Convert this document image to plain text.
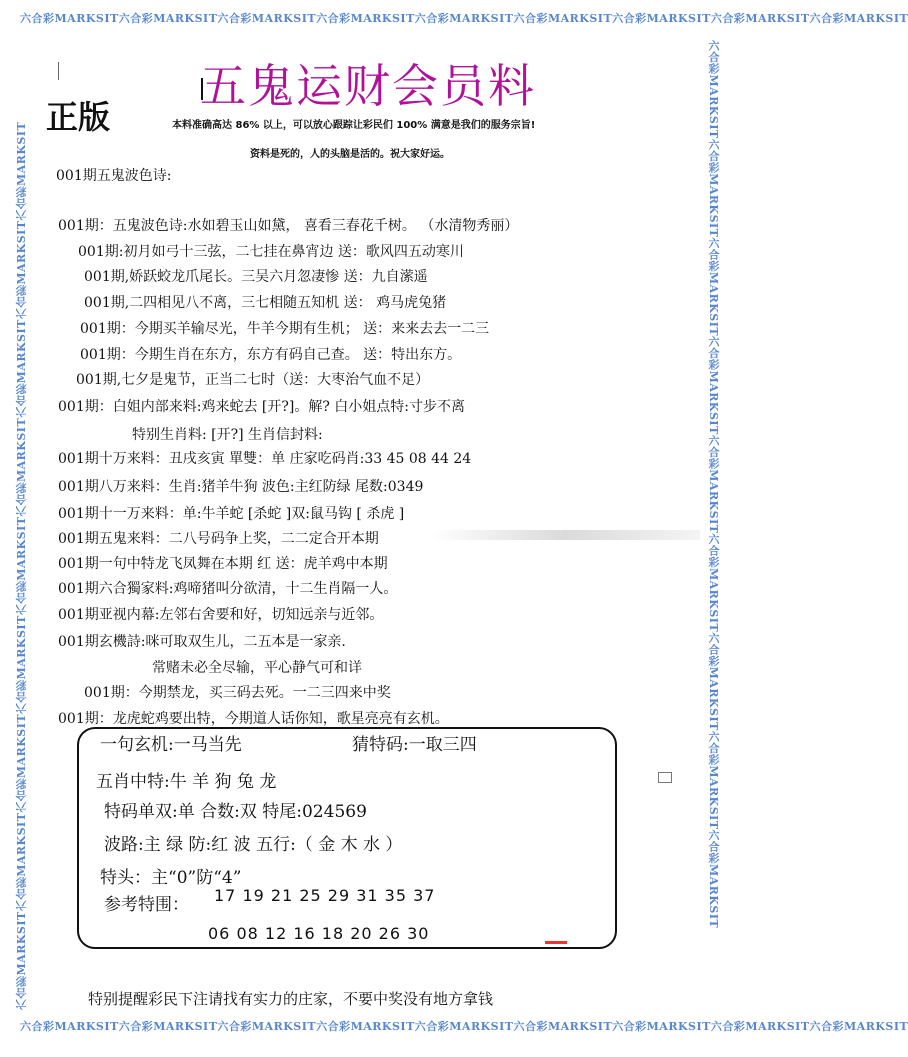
六合彩MARKSIT六合彩MARKSIT六合彩MARKSIT六合彩MARKSIT六合彩MARKSIT六合彩MARKSIT六合彩MARKSIT六合彩MARKSIT六合彩MARKSIT
六合彩MARKSIT六合彩MARKSIT六合彩MARKSIT六合彩MARKSIT六合彩MARKSIT六合彩MARKSIT六合彩MARKSIT六合彩MARKSIT六合彩MARKSIT
六合彩MARKSIT六合彩MARKSIT六合彩MARKSIT六合彩MARKSIT六合彩MARKSIT六合彩MARKSIT六合彩MARKSIT六合彩MARKSIT六合彩MARKSIT	六合彩MARKSIT六合彩MARKSIT六合彩MARKSIT六合彩MARKSIT六合彩MARKSIT六合彩MARKSIT六合彩MARKSIT六合彩MARKSIT六合彩MARKSIT
五鬼运财会员料
正版	本料准确高达 86% 以上，可以放心跟踪让彩民们 100% 满意是我们的服务宗旨!
资料是死的，人的头脑是活的。祝大家好运。
001期五鬼波色诗:
001期：五鬼波色诗:水如碧玉山如黛， 喜看三春花千树。 （水清物秀丽）
001期:初月如弓十三弦，二七挂在鼻宵边 送：歌风四五动寒川
001期,娇跃蛟龙爪尾长。三吴六月忽凄惨 送：九自潆遥
001期,二四相见八不离，三七相随五知机 送： 鸡马虎兔猪
001期：今期买羊输尽光，牛羊今期有生机； 送：来来去去一二三
001期：今期生肖在东方，东方有码自己查。 送：特出东方。
001期,七夕是鬼节，正当二七时（送：大枣治气血不足）
001期：白姐内部来料:鸡来蛇去 [开?]。解? 白小姐点特:寸步不离
特别生肖料: [开?] 生肖信封料:
001期十万来料：丑戌亥寅 單雙：单 庄家吃码肖:33 45 08 44 24
001期八万来料：生肖:猪羊牛狗 波色:主红防绿 尾数:0349
001期十一万来料：单:牛羊蛇 [杀蛇 ]双:鼠马钩 [ 杀虎 ]
001期五鬼来料：二八号码争上奖，二二定合开本期
001期一句中特龙飞凤舞在本期 红 送：虎羊鸡中本期
001期六合獨家料:鸡啼猪叫分欲清，十二生肖隔一人。
001期亚视内幕:左邻右舍要和好，切知远亲与近邻。
001期玄機詩:咪可取双生儿，二五本是一家亲.
常赌未必全尽输，平心静气可和详
001期：今期禁龙，买三码去死。一二三四来中奖
001期：龙虎蛇鸡要出特，今期道人话你知，歌星亮亮有玄机。
一句玄机:一马当先	猜特码:一取三四
五肖中特:牛 羊 狗 兔 龙
特码单双:单 合数:双 特尾:024569
波路:主 绿 防:红 波 五行:（ 金 木 水 ）
特头：主“0”防“4”
参考特围： 17 19 21 25 29 31 35 37
06 08 12 16 18 20 26 30
特别提醒彩民下注请找有实力的庄家，不要中奖没有地方拿钱
